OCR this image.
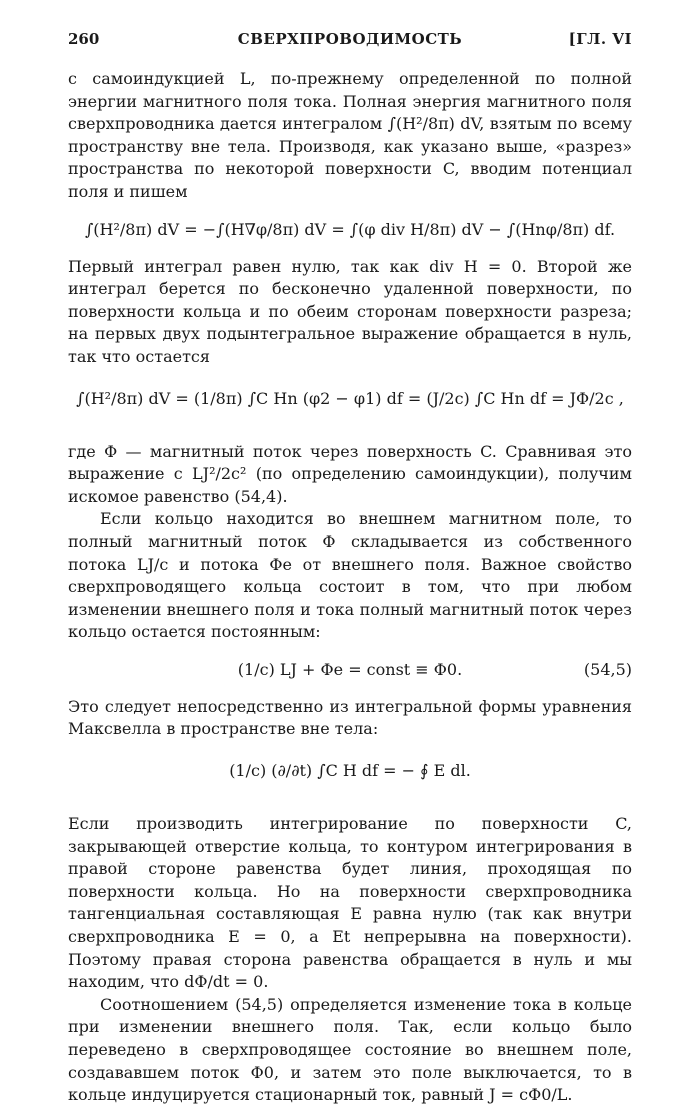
260	СВЕРХПРОВОДИМОСТЬ	[ГЛ. VI

с самоиндукцией L, по-прежнему определенной по полной энергии магнитного поля тока. Полная энергия магнитного поля сверхпроводника дается интегралом ∫(H²/8π) dV, взятым по всему пространству вне тела. Производя, как указано выше, «разрез» пространства по некоторой поверхности C, вводим потенциал поля и пишем

∫(H²/8π) dV = −∫(H∇φ/8π) dV = ∫(φ div H/8π) dV − ∫(Hnφ/8π) df.

Первый интеграл равен нулю, так как div H = 0. Второй же интеграл берется по бесконечно удаленной поверхности, по поверхности кольца и по обеим сторонам поверхности разреза; на первых двух подынтегральное выражение обращается в нуль, так что остается

∫(H²/8π) dV = (1/8π) ∫C Hn (φ2 − φ1) df = (J/2c) ∫C Hn df = JΦ/2c ,

где Φ — магнитный поток через поверхность C. Сравнивая это выражение с LJ²/2c² (по определению самоиндукции), получим искомое равенство (54,4).

Если кольцо находится во внешнем магнитном поле, то полный магнитный поток Φ складывается из собственного потока LJ/c и потока Φe от внешнего поля. Важное свойство сверхпроводящего кольца состоит в том, что при любом изменении внешнего поля и тока полный магнитный поток через кольцо остается постоянным:

(1/c) LJ + Φe = const ≡ Φ0.	(54,5)

Это следует непосредственно из интегральной формы уравнения Максвелла в пространстве вне тела:

(1/c) (∂/∂t) ∫C H df = − ∮ E dl.

Если производить интегрирование по поверхности C, закрывающей отверстие кольца, то контуром интегрирования в правой стороне равенства будет линия, проходящая по поверхности кольца. Но на поверхности сверхпроводника тангенциальная составляющая E равна нулю (так как внутри сверхпроводника E = 0, а Et непрерывна на поверхности). Поэтому правая сторона равенства обращается в нуль и мы находим, что dΦ/dt = 0.

Соотношением (54,5) определяется изменение тока в кольце при изменении внешнего поля. Так, если кольцо было переведено в сверхпроводящее состояние во внешнем поле, создававшем поток Φ0, и затем это поле выключается, то в кольце индуцируется стационарный ток, равный J = cΦ0/L.
